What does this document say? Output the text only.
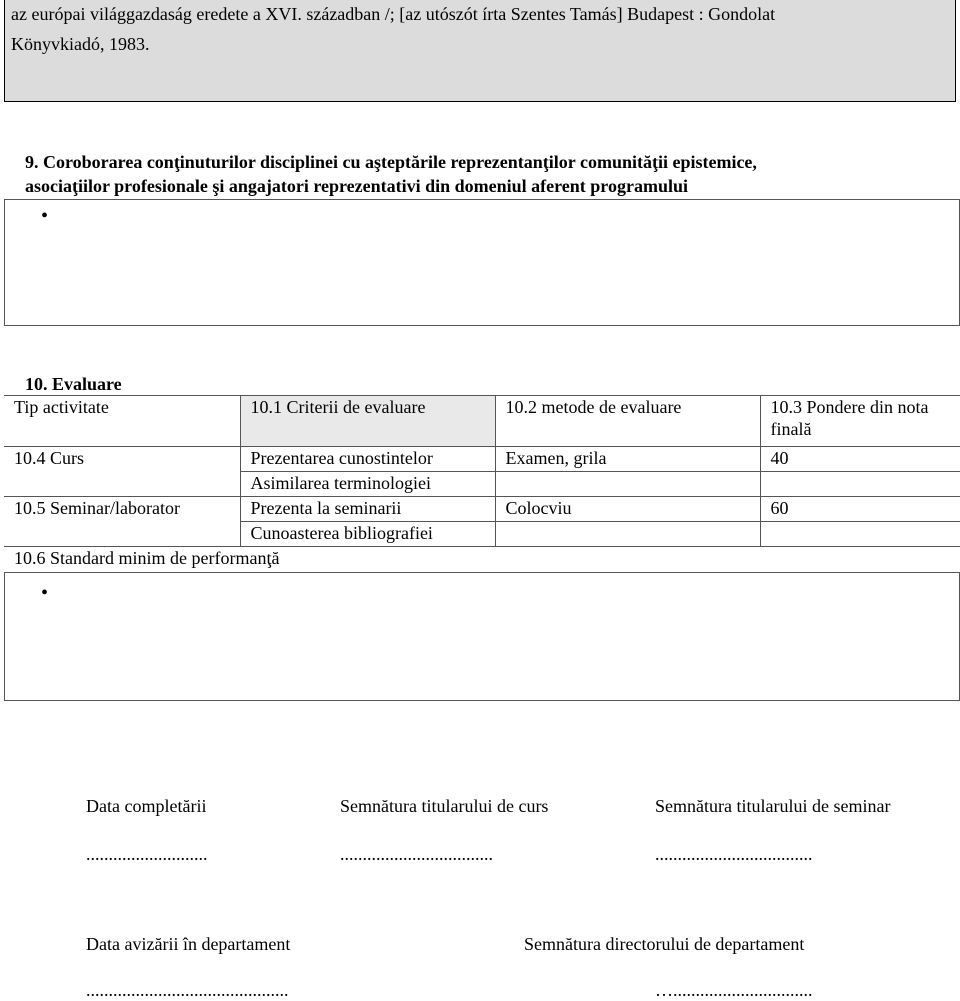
az európai világgazdaság eredete a XVI. században /; [az utószót írta Szentes Tamás] Budapest : Gondolat
Könyvkiadó, 1983.
9. Coroborarea conţinuturilor disciplinei cu aşteptările reprezentanţilor comunităţii epistemice,
asociaţiilor profesionale şi angajatori reprezentativi din domeniul aferent programului
•
10. Evaluare
Tip activitate	10.1 Criterii de evaluare	10.2 metode de evaluare	10.3 Pondere din nota finală
10.4 Curs	Prezentarea cunostintelor	Examen, grila	40
	Asimilarea terminologiei		
10.5 Seminar/laborator	Prezenta la seminarii	Colocviu	60
	Cunoasterea bibliografiei		
10.6 Standard minim de performanţă			
•
Data completării	Semnătura titularului de curs	Semnătura titularului de seminar
...........................	..................................	...................................
Data avizării în departament	Semnătura directorului de departament
.............................................	…...............................
